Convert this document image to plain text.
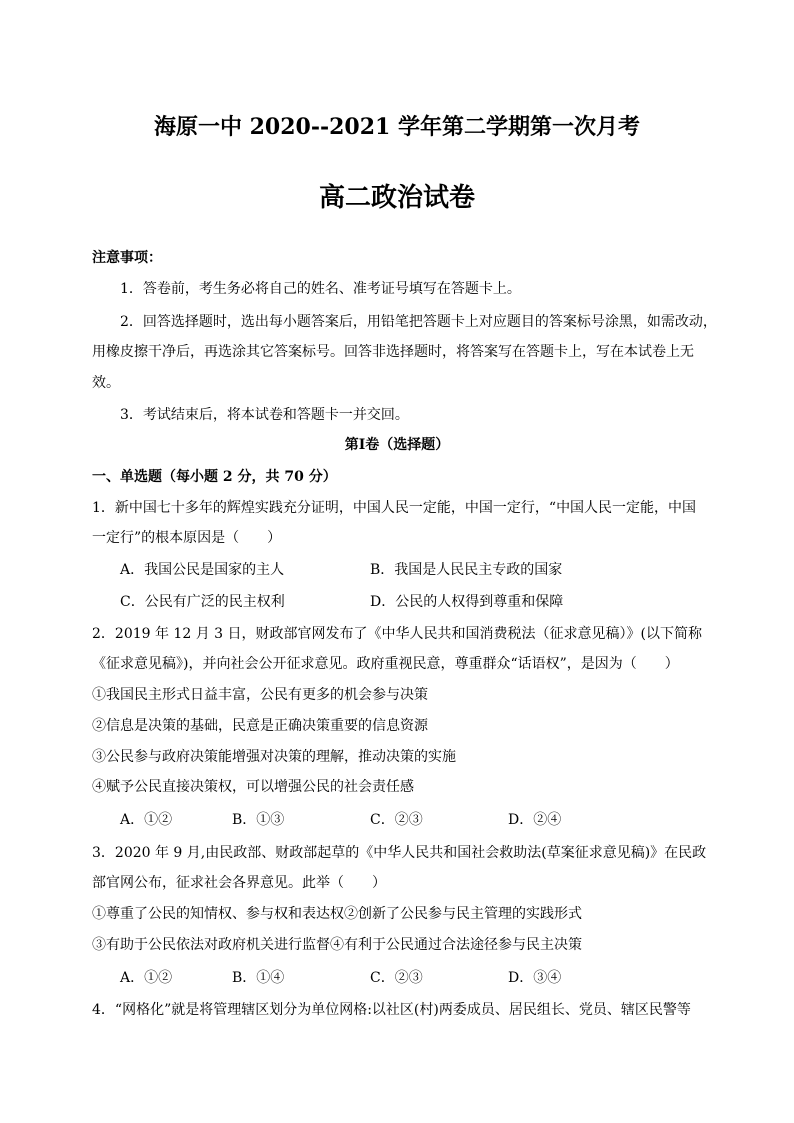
海原一中 2020--2021 学年第二学期第一次月考
高二政治试卷
注意事项：
1．答卷前，考生务必将自己的姓名、准考证号填写在答题卡上。
2．回答选择题时，选出每小题答案后，用铅笔把答题卡上对应题目的答案标号涂黑，如需改动，
用橡皮擦干净后，再选涂其它答案标号。回答非选择题时，将答案写在答题卡上，写在本试卷上无
效。
3．考试结束后，将本试卷和答题卡一并交回。
第Ⅰ卷（选择题）
一、单选题（每小题 2 分，共 70 分）
1．新中国七十多年的辉煌实践充分证明，中国人民一定能，中国一定行，“中国人民一定能，中国
一定行”的根本原因是（　　）
A．我国公民是国家的主人	B．我国是人民民主专政的国家
C．公民有广泛的民主权利	D．公民的人权得到尊重和保障
2．2019 年 12 月 3 日，财政部官网发布了《中华人民共和国消费税法（征求意见稿）》(以下简称
《征求意见稿》)，并向社会公开征求意见。政府重视民意，尊重群众“话语权”，是因为（　　）
①我国民主形式日益丰富，公民有更多的机会参与决策
②信息是决策的基础，民意是正确决策重要的信息资源
③公民参与政府决策能增强对决策的理解，推动决策的实施
④赋予公民直接决策权，可以增强公民的社会责任感
A．①②	B．①③	C．②③	D．②④
3．2020 年 9 月,由民政部、财政部起草的《中华人民共和国社会救助法(草案征求意见稿)》在民政
部官网公布，征求社会各界意见。此举（　　）
①尊重了公民的知情权、参与权和表达权②创新了公民参与民主管理的实践形式
③有助于公民依法对政府机关进行监督④有利于公民通过合法途径参与民主决策
A．①②	B．①④	C．②③	D．③④
4．“网格化”就是将管理辖区划分为单位网格:以社区(村)两委成员、居民组长、党员、辖区民警等
